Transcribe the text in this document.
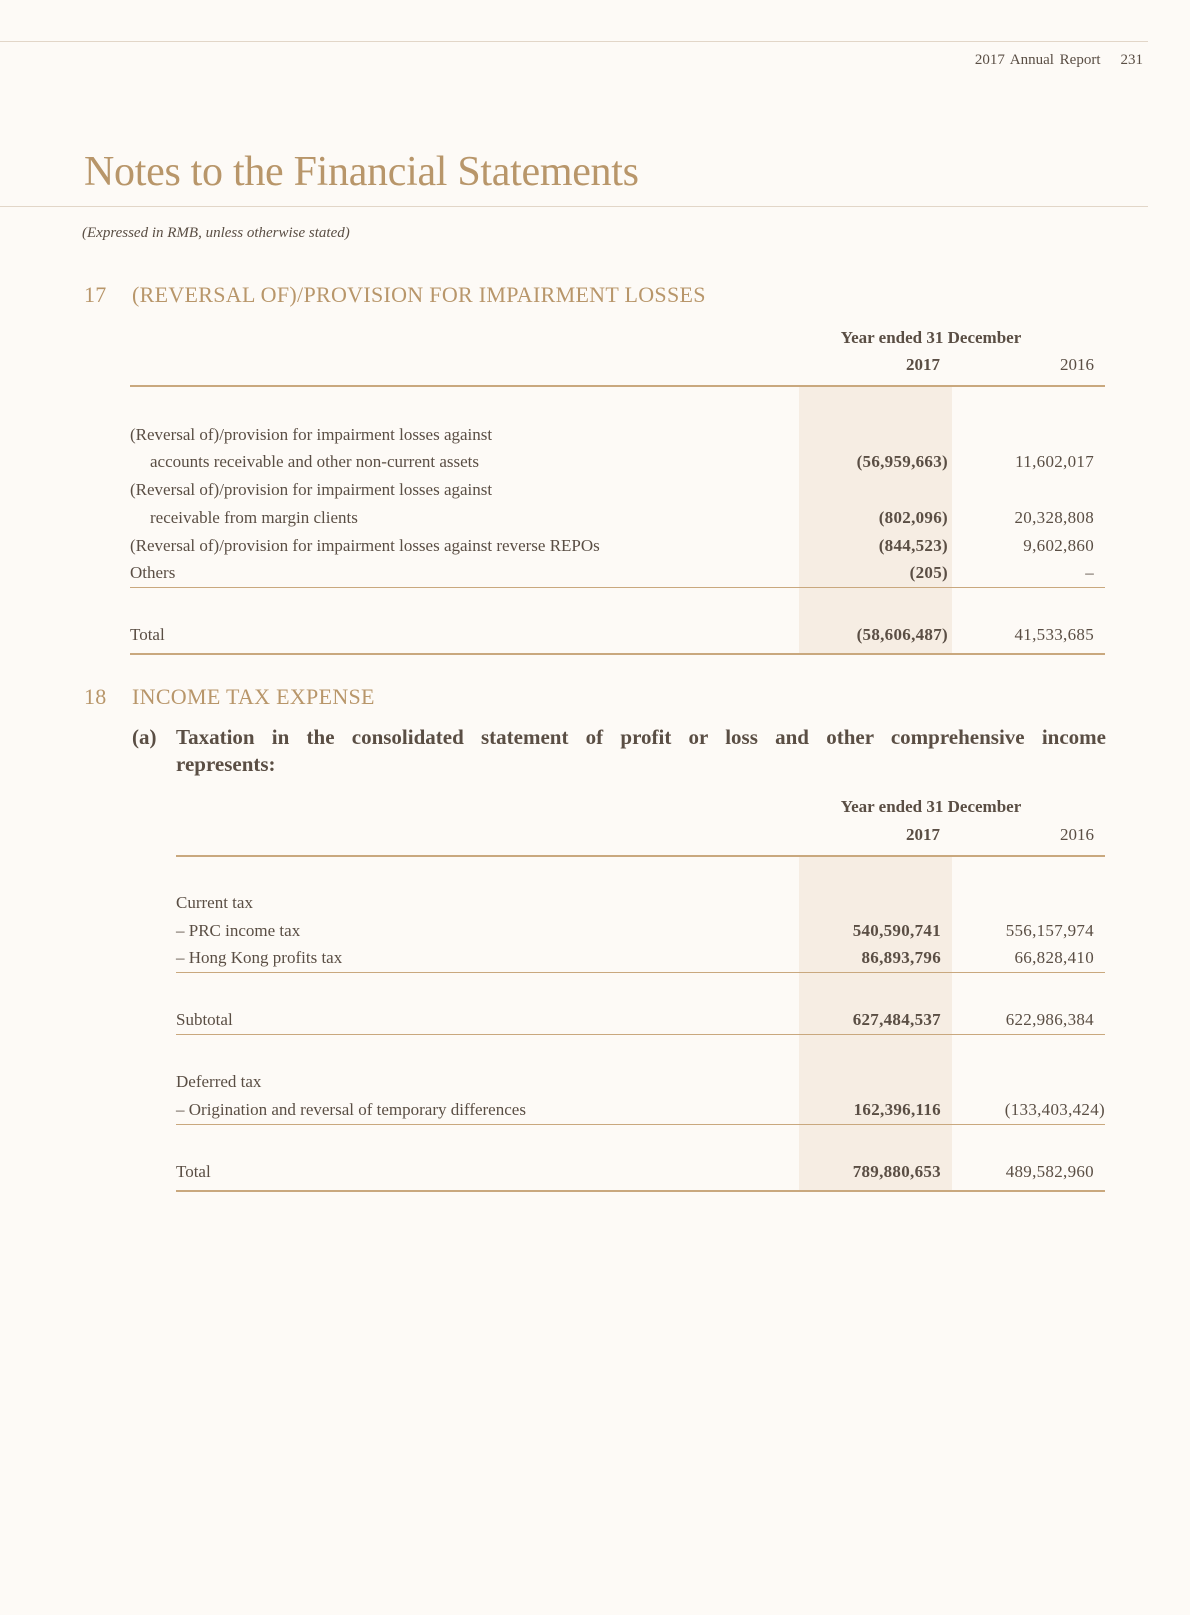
2017 Annual Report 231
Notes to the Financial Statements
(Expressed in RMB, unless otherwise stated)
17 (REVERSAL OF)/PROVISION FOR IMPAIRMENT LOSSES
Year ended 31 December
2017	2016
(Reversal of)/provision for impairment losses against
accounts receivable and other non-current assets	(56,959,663)	11,602,017
(Reversal of)/provision for impairment losses against
receivable from margin clients	(802,096)	20,328,808
(Reversal of)/provision for impairment losses against reverse REPOs	(844,523)	9,602,860
Others	(205)	–
Total	(58,606,487)	41,533,685
18 INCOME TAX EXPENSE
(a) Taxation in the consolidated statement of profit or loss and other comprehensive income
represents:
Year ended 31 December
2017	2016
Current tax
– PRC income tax	540,590,741	556,157,974
– Hong Kong profits tax	86,893,796	66,828,410
Subtotal	627,484,537	622,986,384
Deferred tax
– Origination and reversal of temporary differences	162,396,116	(133,403,424)
Total	789,880,653	489,582,960
